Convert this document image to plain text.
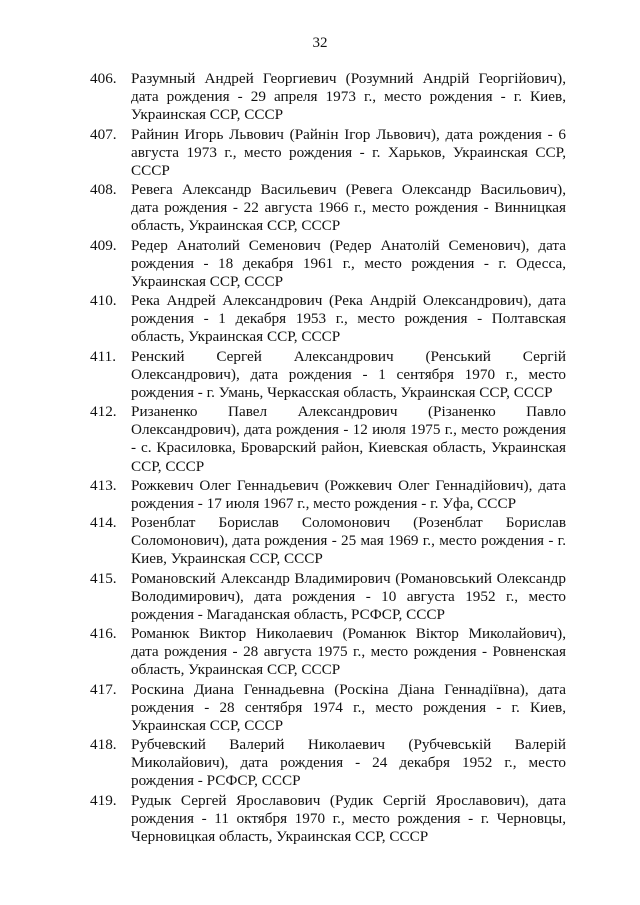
32
406. Разумный Андрей Георгиевич (Розумний Андрій Георгійович), дата рождения - 29 апреля 1973 г., место рождения - г. Киев, Украинская ССР, СССР
407. Райнин Игорь Львович (Райнін Ігор Львович), дата рождения - 6 августа 1973 г., место рождения - г. Харьков, Украинская ССР, СССР
408. Ревега Александр Васильевич (Ревега Олександр Васильович), дата рождения - 22 августа 1966 г., место рождения - Винницкая область, Украинская ССР, СССР
409. Редер Анатолий Семенович (Редер Анатолій Семенович), дата рождения - 18 декабря 1961 г., место рождения - г. Одесса, Украинская ССР, СССР
410. Река Андрей Александрович (Река Андрій Олександрович), дата рождения - 1 декабря 1953 г., место рождения - Полтавская область, Украинская ССР, СССР
411. Ренский Сергей Александрович (Ренський Сергій Олександрович), дата рождения - 1 сентября 1970 г., место рождения - г. Умань, Черкасская область, Украинская ССР, СССР
412. Ризаненко Павел Александрович (Різаненко Павло Олександрович), дата рождения - 12 июля 1975 г., место рождения - с. Красиловка, Броварский район, Киевская область, Украинская ССР, СССР
413. Рожкевич Олег Геннадьевич (Рожкевич Олег Геннадійович), дата рождения - 17 июля 1967 г., место рождения - г. Уфа, СССР
414. Розенблат Борислав Соломонович (Розенблат Борислав Соломонович), дата рождения - 25 мая 1969 г., место рождения - г. Киев, Украинская ССР, СССР
415. Романовский Александр Владимирович (Романовський Олександр Володимирович), дата рождения - 10 августа 1952 г., место рождения - Магаданская область, РСФСР, СССР
416. Романюк Виктор Николаевич (Романюк Віктор Миколайович), дата рождения - 28 августа 1975 г., место рождения - Ровненская область, Украинская ССР, СССР
417. Роскина Диана Геннадьевна (Роскіна Діана Геннадіївна), дата рождения - 28 сентября 1974 г., место рождения - г. Киев, Украинская ССР, СССР
418. Рубчевский Валерий Николаевич (Рубчевській Валерій Миколайович), дата рождения - 24 декабря 1952 г., место рождения - РСФСР, СССР
419. Рудык Сергей Ярославович (Рудик Сергій Ярославович), дата рождения - 11 октября 1970 г., место рождения - г. Черновцы, Черновицкая область, Украинская ССР, СССР
